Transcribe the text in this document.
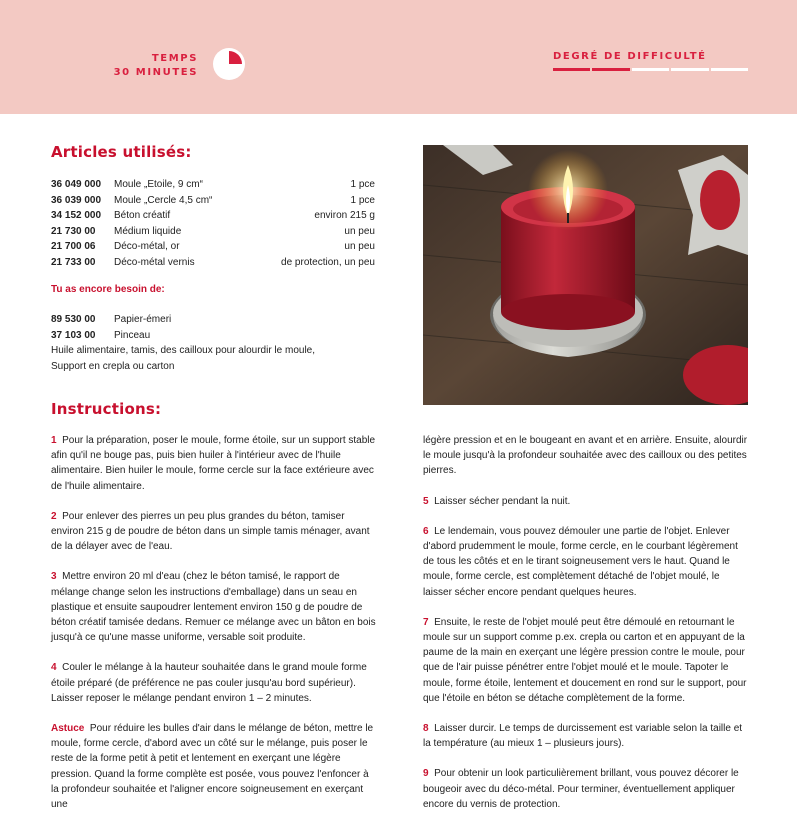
TEMPS
30 MINUTES
DEGRÉ DE DIFFICULTÉ
Articles utilisés:
36 049 000	Moule „Etoile, 9 cm“	1 pce
36 039 000	Moule „Cercle 4,5 cm“	1 pce
34 152 000	Béton créatif	environ 215 g
21 730 00	Médium liquide	un peu
21 700 06	Déco-métal, or	un peu
21 733 00	Déco-métal vernis	de protection, un peu
Tu as encore besoin de:
89 530 00	Papier-émeri
37 103 00	Pinceau
Huile alimentaire, tamis, des cailloux pour alourdir le moule,
Support en crepla ou carton
Instructions:

1 Pour la préparation, poser le moule, forme étoile, sur un support stable afin qu'il ne bouge pas, puis bien huiler à l'intérieur avec de l'huile alimentaire. Bien huiler le moule, forme cercle sur la face extérieure avec de l'huile alimentaire.

2 Pour enlever des pierres un peu plus grandes du béton, tamiser environ 215 g de poudre de béton dans un simple tamis ménager, avant de la délayer avec de l'eau.

3 Mettre environ 20 ml d'eau (chez le béton tamisé, le rapport de mélange change selon les instructions d'emballage) dans un seau en plastique et ensuite saupoudrer lentement environ 150 g de poudre de béton créatif tamisée dedans. Remuer ce mélange avec un bâton en bois jusqu'à ce qu'une masse uniforme, versable soit produite.

4 Couler le mélange à la hauteur souhaitée dans le grand moule forme étoile préparé (de préférence ne pas couler jusqu'au bord supérieur). Laisser reposer le mélange pendant environ 1 – 2 minutes.

Astuce Pour réduire les bulles d'air dans le mélange de béton, mettre le moule, forme cercle, d'abord avec un côté sur le mélange, puis poser le reste de la forme petit à petit et lentement en exerçant une légère pression. Quand la forme complète est posée, vous pouvez l'enfoncer à la profondeur souhaitée et l'aligner encore soigneusement en exerçant une

légère pression et en le bougeant en avant et en arrière. Ensuite, alourdir le moule jusqu'à la profondeur souhaitée avec des cailloux ou des petites pierres.

5 Laisser sécher pendant la nuit.

6 Le lendemain, vous pouvez démouler une partie de l'objet. Enlever d'abord prudemment le moule, forme cercle, en le courbant légèrement de tous les côtés et en le tirant soigneusement vers le haut. Quand le moule, forme cercle, est complètement détaché de l'objet moulé, le laisser sécher encore pendant quelques heures.

7 Ensuite, le reste de l'objet moulé peut être démoulé en retournant le moule sur un support comme p.ex. crepla ou carton et en appuyant de la paume de la main en exerçant une légère pression contre le moule, pour que de l'air puisse pénétrer entre l'objet moulé et le moule. Tapoter le moule, forme étoile, lentement et doucement en rond sur le support, pour que l'étoile en béton se détache complètement de la forme.

8 Laisser durcir. Le temps de durcissement est variable selon la taille et la température (au mieux 1 – plusieurs jours).

9 Pour obtenir un look particulièrement brillant, vous pouvez décorer le bougeoir avec du déco-métal. Pour terminer, éventuellement appliquer encore du vernis de protection.
